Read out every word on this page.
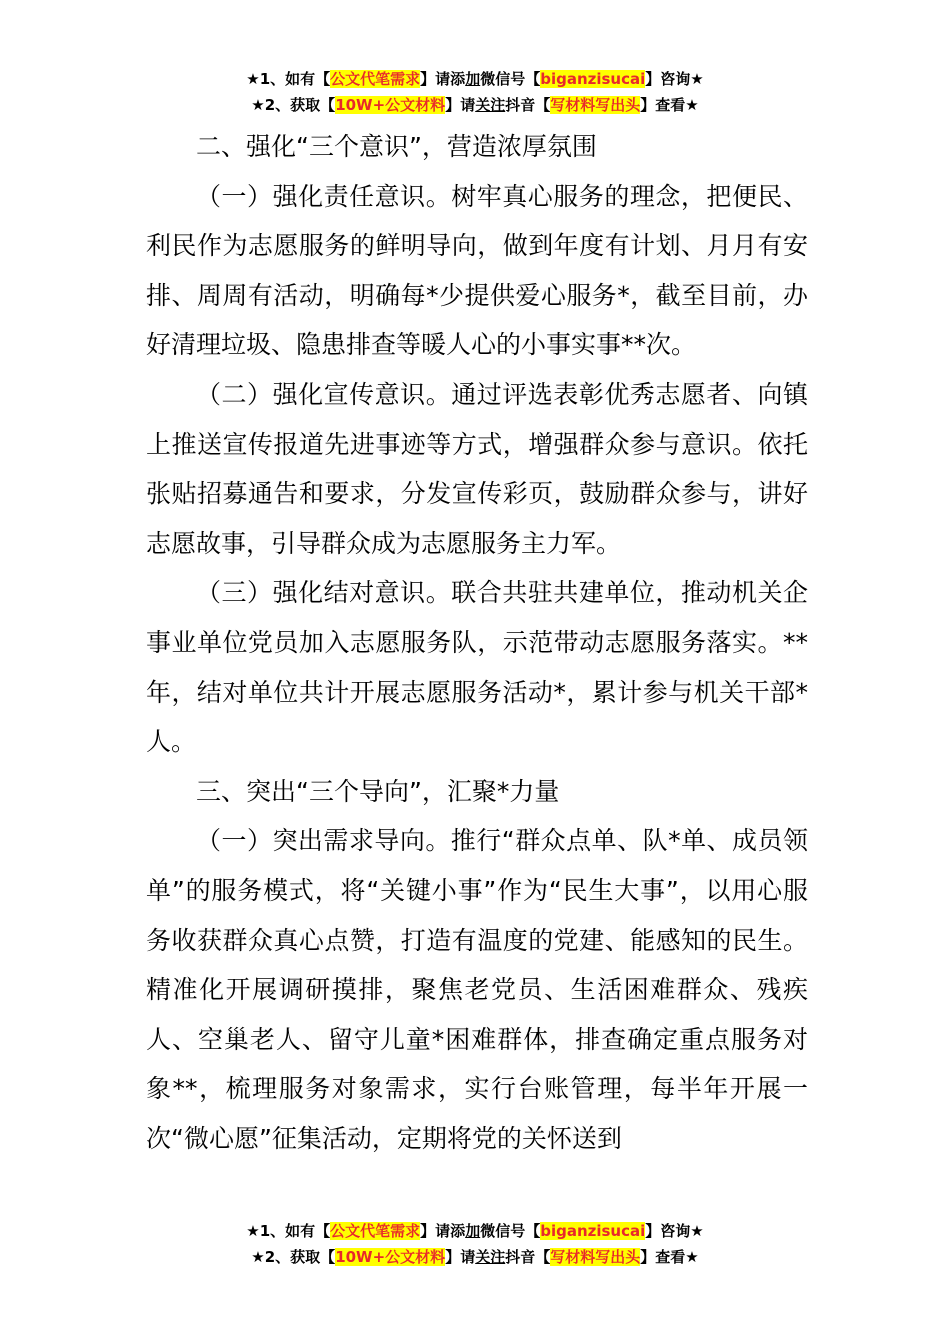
★1、如有【公文代笔需求】请添加微信号【biganzisucai】咨询★
★2、获取【10W+公文材料】请关注抖音【写材料写出头】查看★

二、强化“三个意识”，营造浓厚氛围

（一）强化责任意识。树牢真心服务的理念，把便民、利民作为志愿服务的鲜明导向，做到年度有计划、月月有安排、周周有活动，明确每*少提供爱心服务*，截至目前，办好清理垃圾、隐患排查等暖人心的小事实事**次。

（二）强化宣传意识。通过评选表彰优秀志愿者、向镇上推送宣传报道先进事迹等方式，增强群众参与意识。依托张贴招募通告和要求，分发宣传彩页，鼓励群众参与，讲好志愿故事，引导群众成为志愿服务主力军。

（三）强化结对意识。联合共驻共建单位，推动机关企事业单位党员加入志愿服务队，示范带动志愿服务落实。**年，结对单位共计开展志愿服务活动*，累计参与机关干部*人。

三、突出“三个导向”，汇聚*力量

（一）突出需求导向。推行“群众点单、队*单、成员领单”的服务模式，将“关键小事”作为“民生大事”，以用心服务收获群众真心点赞，打造有温度的党建、能感知的民生。精准化开展调研摸排，聚焦老党员、生活困难群众、残疾人、空巢老人、留守儿童*困难群体，排查确定重点服务对象**，梳理服务对象需求，实行台账管理，每半年开展一次“微心愿”征集活动，定期将党的关怀送到

★1、如有【公文代笔需求】请添加微信号【biganzisucai】咨询★
★2、获取【10W+公文材料】请关注抖音【写材料写出头】查看★
